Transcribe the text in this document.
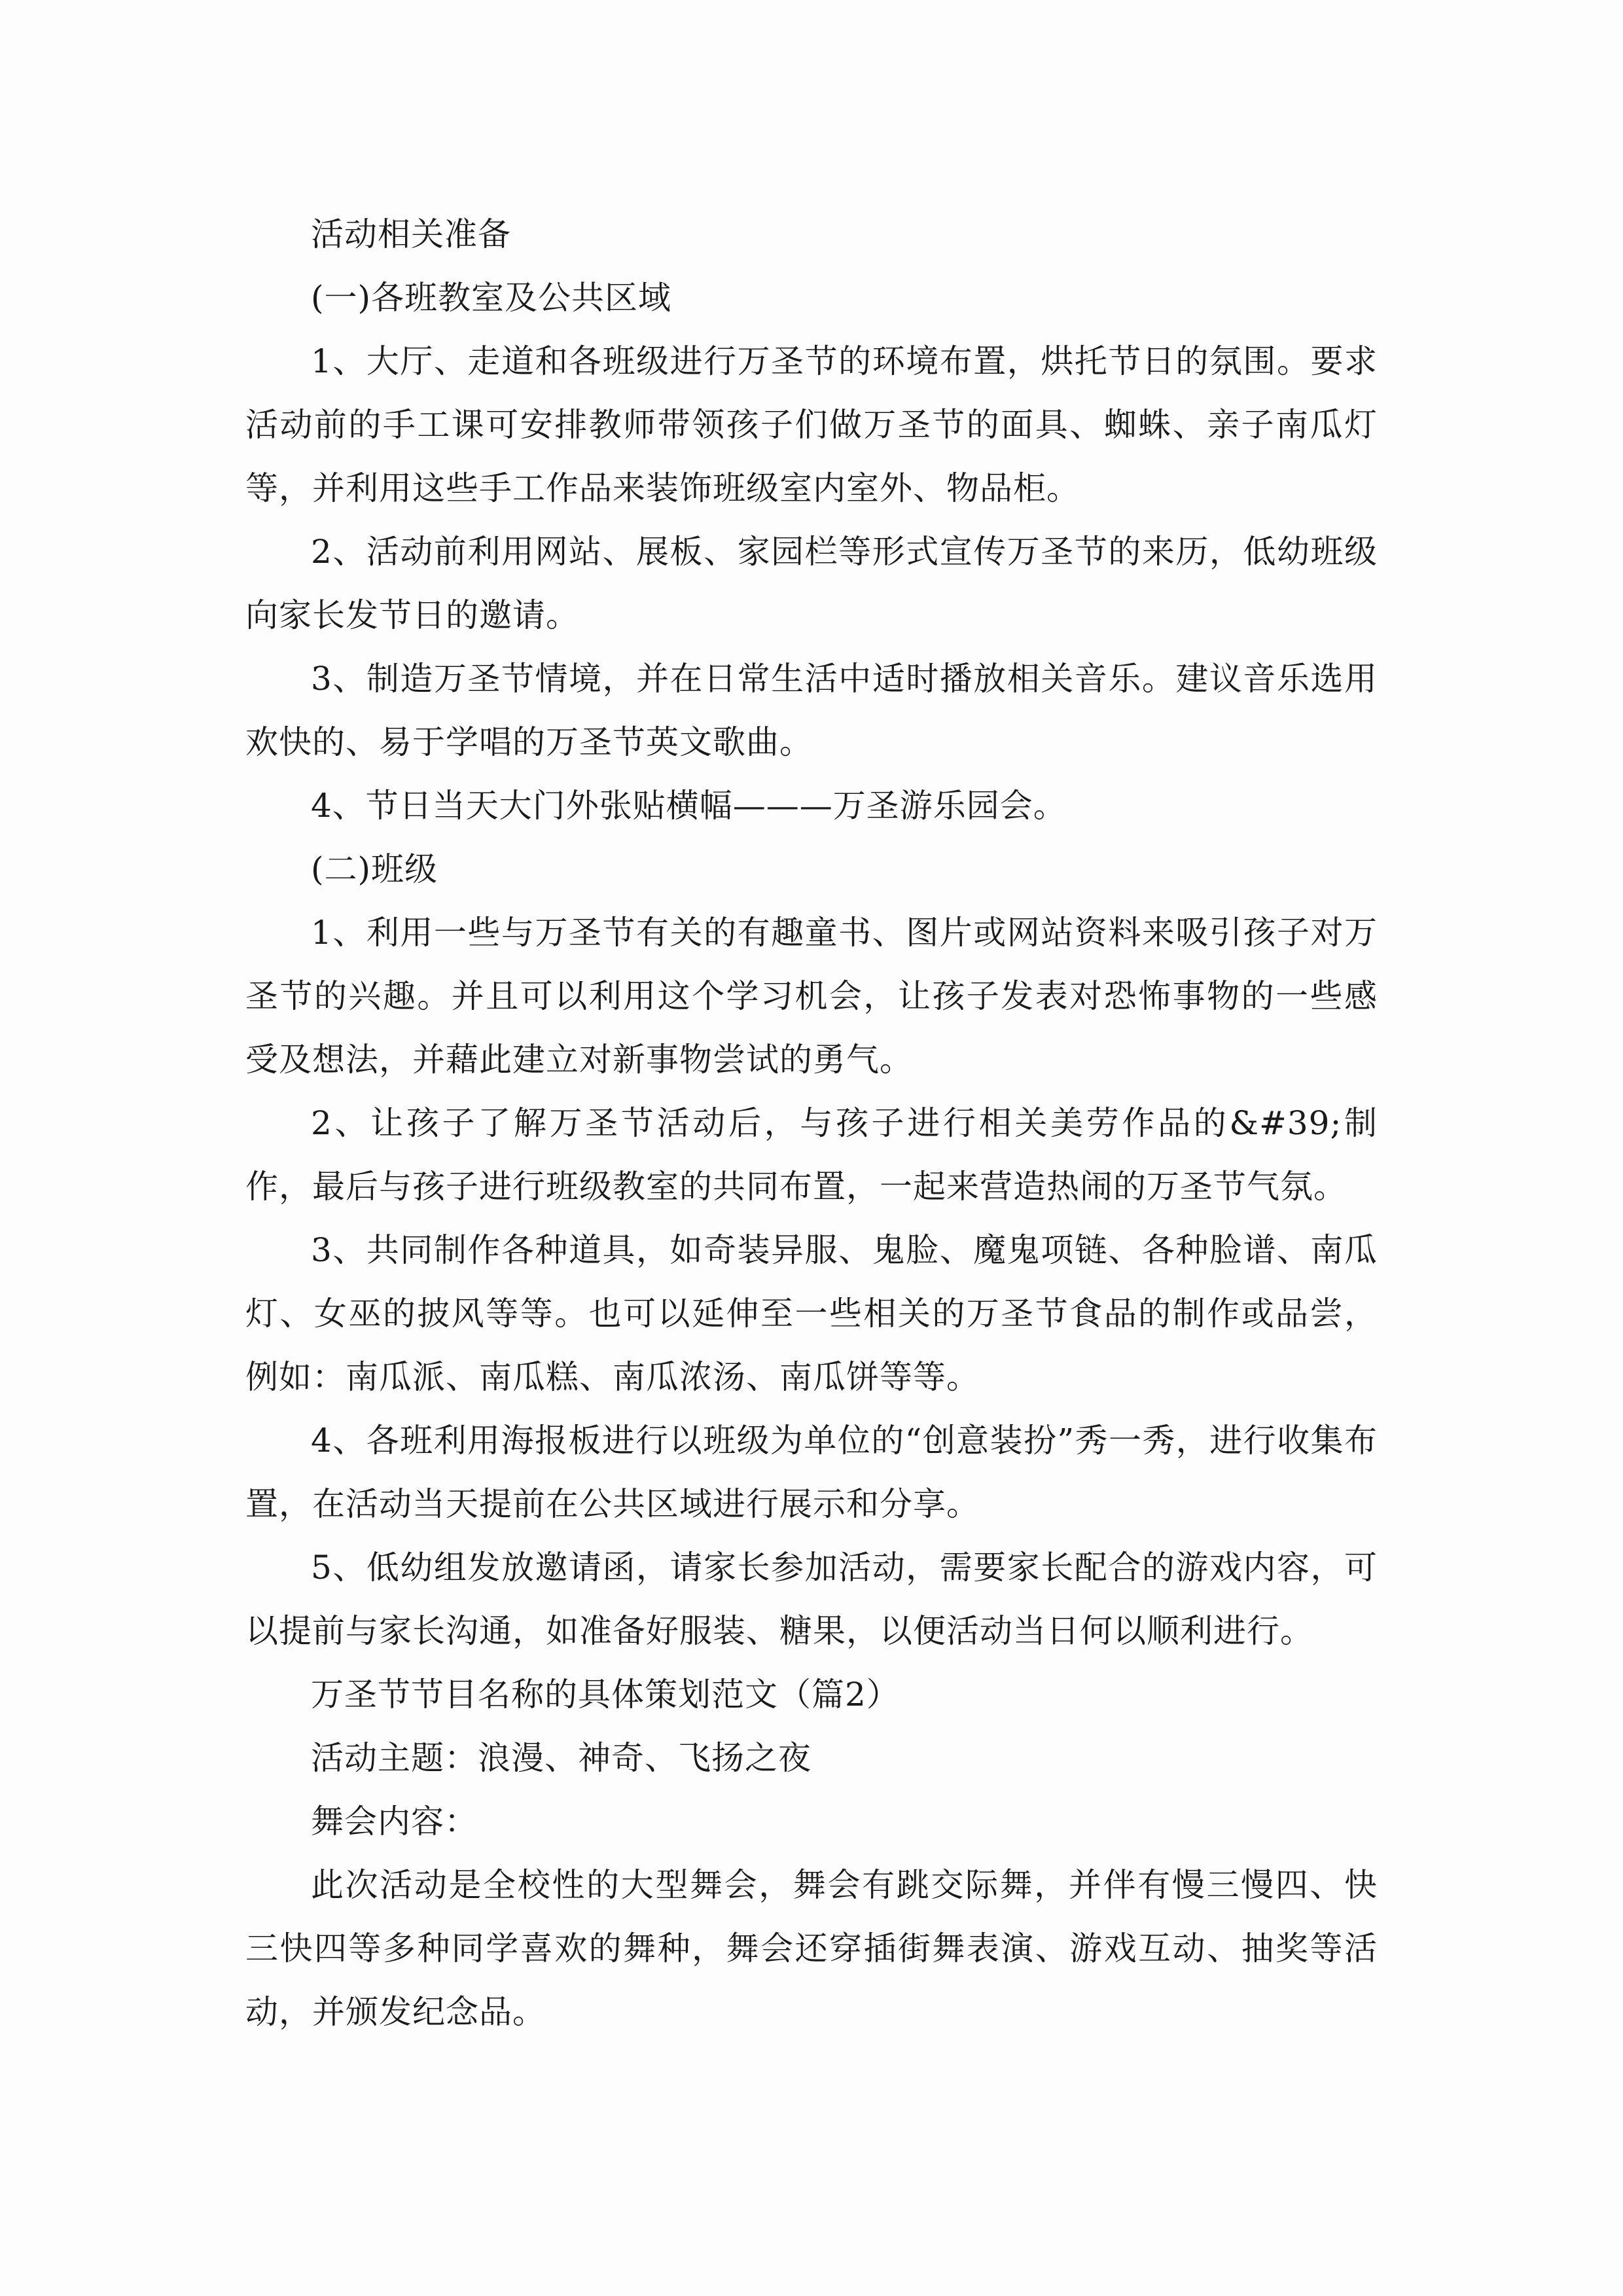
活动相关准备

(一)各班教室及公共区域

1、大厅、走道和各班级进行万圣节的环境布置，烘托节日的氛围。要求活动前的手工课可安排教师带领孩子们做万圣节的面具、蜘蛛、亲子南瓜灯等，并利用这些手工作品来装饰班级室内室外、物品柜。

2、活动前利用网站、展板、家园栏等形式宣传万圣节的来历，低幼班级向家长发节日的邀请。

3、制造万圣节情境，并在日常生活中适时播放相关音乐。建议音乐选用欢快的、易于学唱的万圣节英文歌曲。

4、节日当天大门外张贴横幅———万圣游乐园会。

(二)班级

1、利用一些与万圣节有关的有趣童书、图片或网站资料来吸引孩子对万圣节的兴趣。并且可以利用这个学习机会，让孩子发表对恐怖事物的一些感受及想法，并藉此建立对新事物尝试的勇气。

2、让孩子了解万圣节活动后，与孩子进行相关美劳作品的&#39;制作，最后与孩子进行班级教室的共同布置，一起来营造热闹的万圣节气氛。

3、共同制作各种道具，如奇装异服、鬼脸、魔鬼项链、各种脸谱、南瓜灯、女巫的披风等等。也可以延伸至一些相关的万圣节食品的制作或品尝，例如：南瓜派、南瓜糕、南瓜浓汤、南瓜饼等等。

4、各班利用海报板进行以班级为单位的“创意装扮”秀一秀，进行收集布置，在活动当天提前在公共区域进行展示和分享。

5、低幼组发放邀请函，请家长参加活动，需要家长配合的游戏内容，可以提前与家长沟通，如准备好服装、糖果，以便活动当日何以顺利进行。

万圣节节目名称的具体策划范文（篇2）

活动主题：浪漫、神奇、飞扬之夜

舞会内容：

此次活动是全校性的大型舞会，舞会有跳交际舞，并伴有慢三慢四、快三快四等多种同学喜欢的舞种，舞会还穿插街舞表演、游戏互动、抽奖等活动，并颁发纪念品。
